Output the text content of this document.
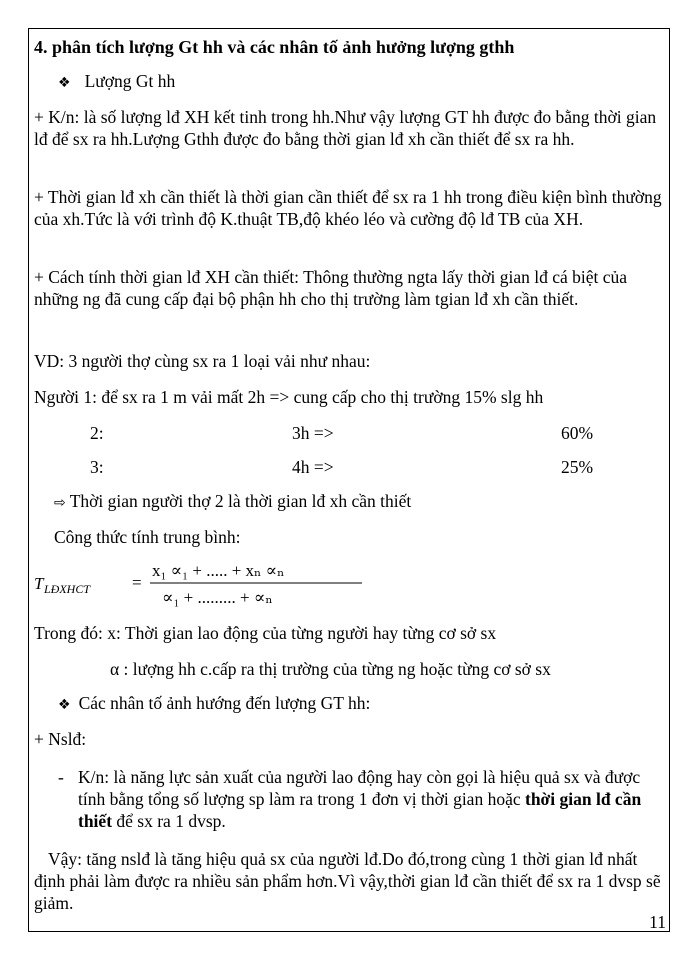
4. phân tích lượng Gt hh và các nhân tố ảnh hưởng lượng gthh
❖ Lượng Gt hh
+ K/n: là số lượng lđ XH kết tinh trong hh.Như vậy lượng GT hh được đo bằng thời gian lđ để sx ra hh.Lượng Gthh được đo bằng thời gian lđ xh cần thiết để sx ra hh.
+ Thời gian lđ xh cần thiết là thời gian cần thiết để sx ra 1 hh trong điều kiện bình thường của xh.Tức là với trình độ K.thuật TB,độ khéo léo và cường độ lđ TB của XH.
+ Cách tính thời gian lđ XH cần thiết: Thông thường ngta lấy thời gian lđ cá biệt của những ng đã cung cấp đại bộ phận hh cho thị trường làm tgian lđ xh cần thiết.
VD: 3 người thợ cùng sx ra 1 loại vải như nhau:
Người 1: để sx ra 1 m vải mất 2h => cung cấp cho thị trường 15% slg hh
2:	3h =>	60%
3:	4h =>	25%
⇨ Thời gian người thợ 2 là thời gian lđ xh cần thiết
Công thức tính trung bình:
T LĐXHCT =
x₁ ∝₁ + ..... + xₙ ∝ₙ
∝₁ + ......... + ∝ₙ
Trong đó: x: Thời gian lao động của từng người hay từng cơ sở sx
α : lượng hh c.cấp ra thị trường của từng ng hoặc từng cơ sở sx
❖ Các nhân tố ảnh hướng đến lượng GT hh:
+ Nslđ:
- K/n: là năng lực sản xuất của người lao động hay còn gọi là hiệu quả sx và được tính bằng tổng số lượng sp làm ra trong 1 đơn vị thời gian hoặc thời gian lđ cần thiết để sx ra 1 dvsp.
Vậy: tăng nslđ là tăng hiệu quả sx của người lđ.Do đó,trong cùng 1 thời gian lđ nhất định phải làm được ra nhiều sản phẩm hơn.Vì vậy,thời gian lđ cần thiết để sx ra 1 dvsp sẽ giảm.
11
